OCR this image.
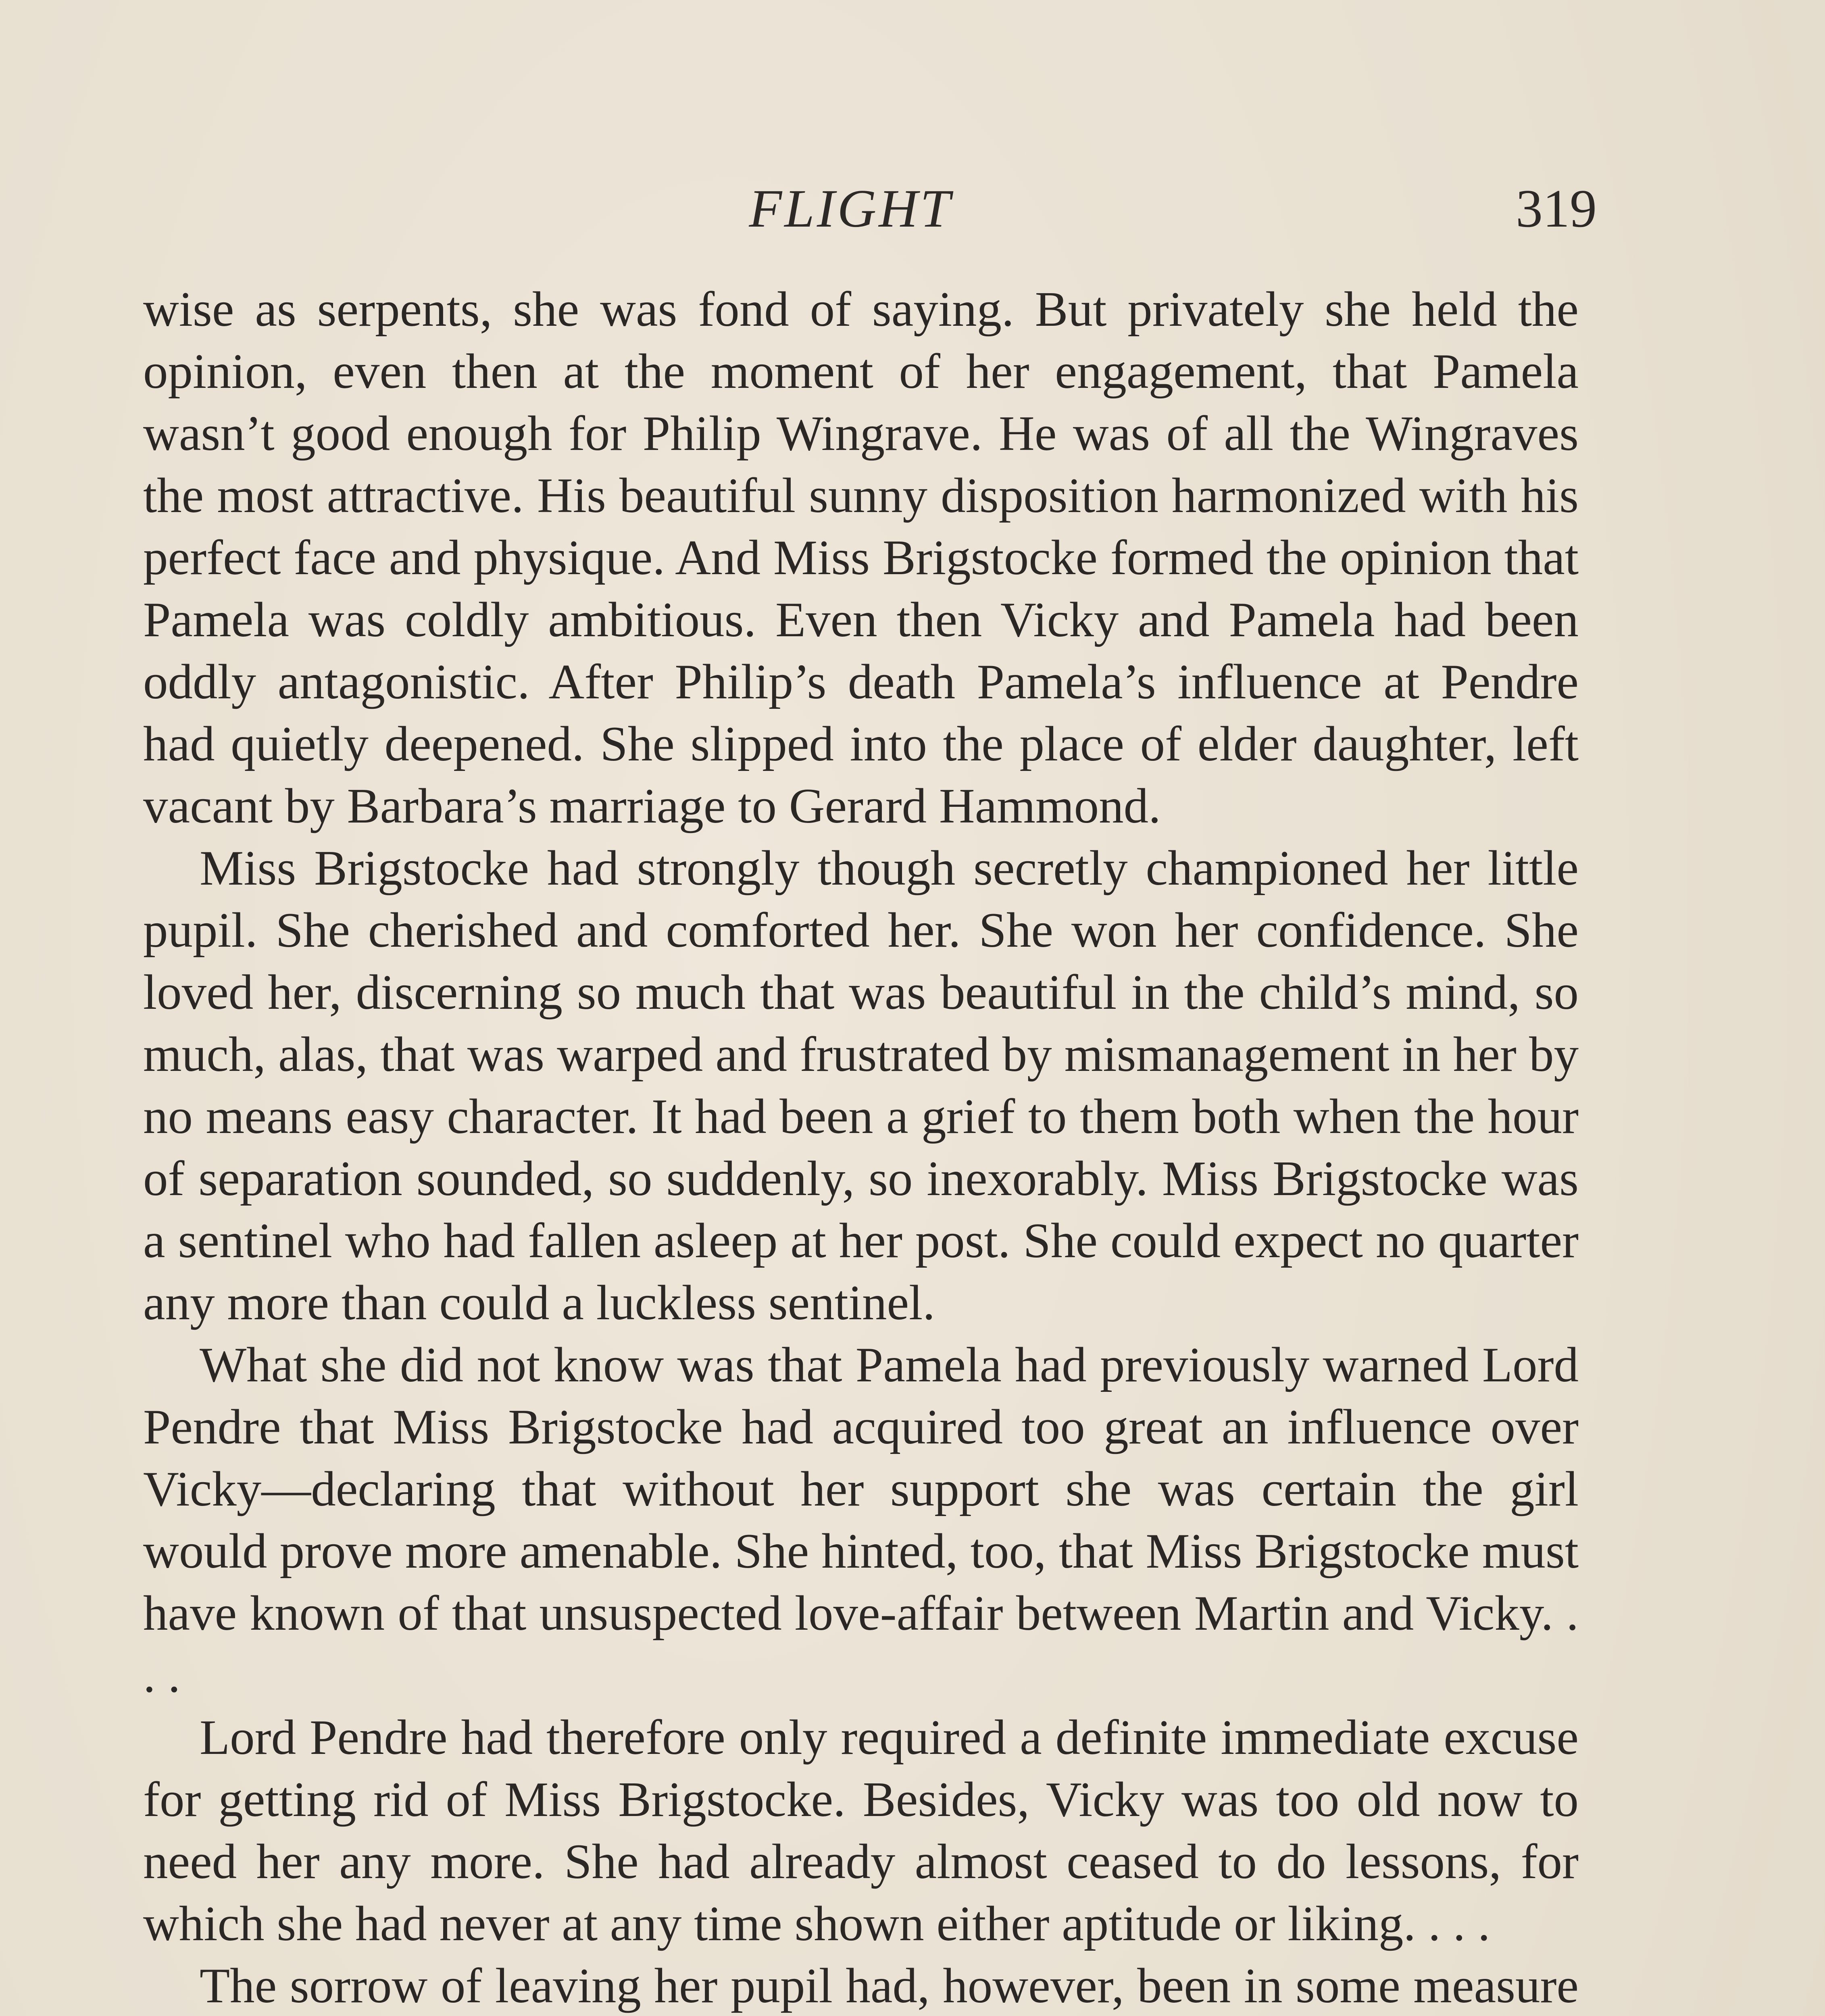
FLIGHT	319

wise as serpents, she was fond of saying. But privately she held the opinion, even then at the moment of her engagement, that Pamela wasn’t good enough for Philip Wingrave. He was of all the Wingraves the most attractive. His beautiful sunny disposition harmonized with his perfect face and physique. And Miss Brigstocke formed the opinion that Pamela was coldly ambitious. Even then Vicky and Pamela had been oddly antagonistic. After Philip’s death Pamela’s influence at Pendre had quietly deepened. She slipped into the place of elder daughter, left vacant by Barbara’s marriage to Gerard Hammond.

Miss Brigstocke had strongly though secretly championed her little pupil. She cherished and comforted her. She won her confidence. She loved her, discerning so much that was beautiful in the child’s mind, so much, alas, that was warped and frustrated by mismanagement in her by no means easy character. It had been a grief to them both when the hour of separation sounded, so suddenly, so inexorably. Miss Brigstocke was a sentinel who had fallen asleep at her post. She could expect no quarter any more than could a luckless sentinel.

What she did not know was that Pamela had previously warned Lord Pendre that Miss Brigstocke had acquired too great an influence over Vicky—declaring that without her support she was certain the girl would prove more amenable. She hinted, too, that Miss Brigstocke must have known of that unsuspected love-affair between Martin and Vicky. . . .

Lord Pendre had therefore only required a definite immediate excuse for getting rid of Miss Brigstocke. Besides, Vicky was too old now to need her any more. She had already almost ceased to do lessons, for which she had never at any time shown either aptitude or liking. . . .

The sorrow of leaving her pupil had, however, been in some measure
